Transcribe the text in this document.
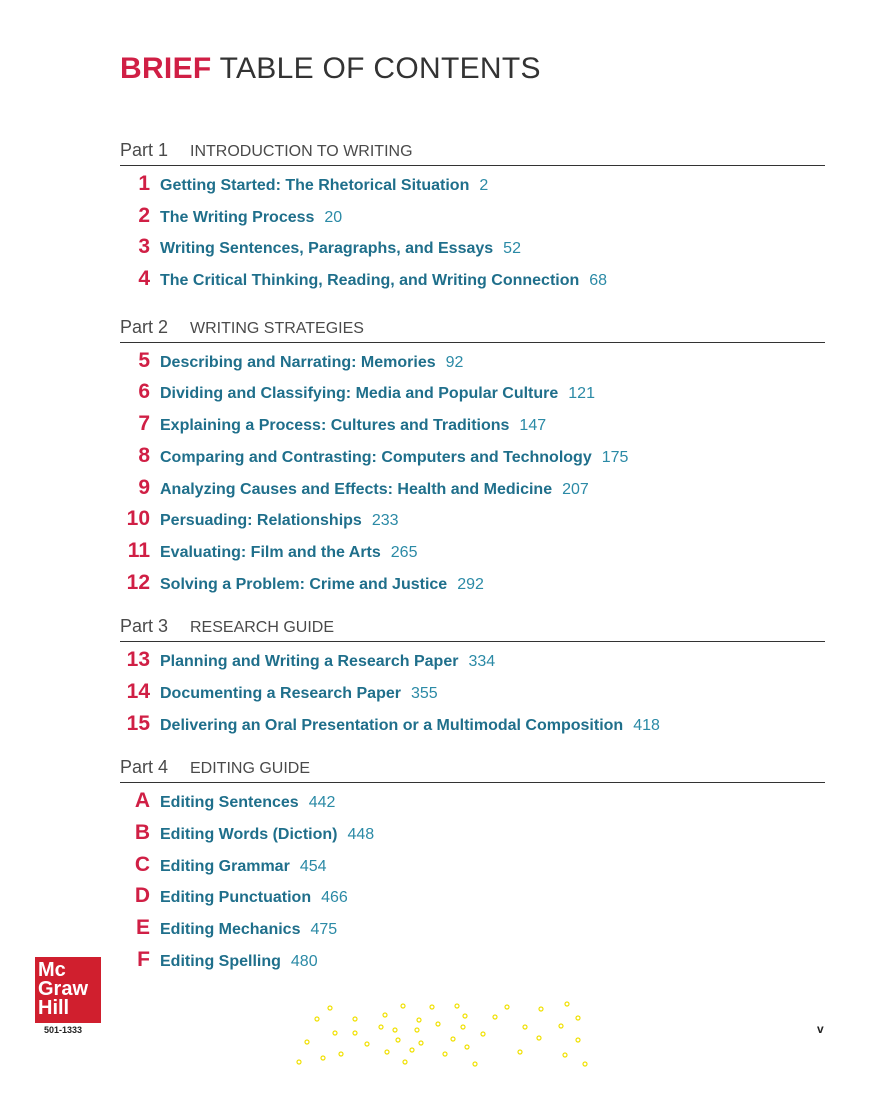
BRIEF TABLE OF CONTENTS
Part 1	INTRODUCTION TO WRITING
1 Getting Started: The Rhetorical Situation 2
2 The Writing Process 20
3 Writing Sentences, Paragraphs, and Essays 52
4 The Critical Thinking, Reading, and Writing Connection 68
Part 2	WRITING STRATEGIES
5 Describing and Narrating: Memories 92
6 Dividing and Classifying: Media and Popular Culture 121
7 Explaining a Process: Cultures and Traditions 147
8 Comparing and Contrasting: Computers and Technology 175
9 Analyzing Causes and Effects: Health and Medicine 207
10 Persuading: Relationships 233
11 Evaluating: Film and the Arts 265
12 Solving a Problem: Crime and Justice 292
Part 3	RESEARCH GUIDE
13 Planning and Writing a Research Paper 334
14 Documenting a Research Paper 355
15 Delivering an Oral Presentation or a Multimodal Composition 418
Part 4	EDITING GUIDE
A Editing Sentences 442
B Editing Words (Diction) 448
C Editing Grammar 454
D Editing Punctuation 466
E Editing Mechanics 475
F Editing Spelling 480
Mc
Graw
Hill
501-1333	v
